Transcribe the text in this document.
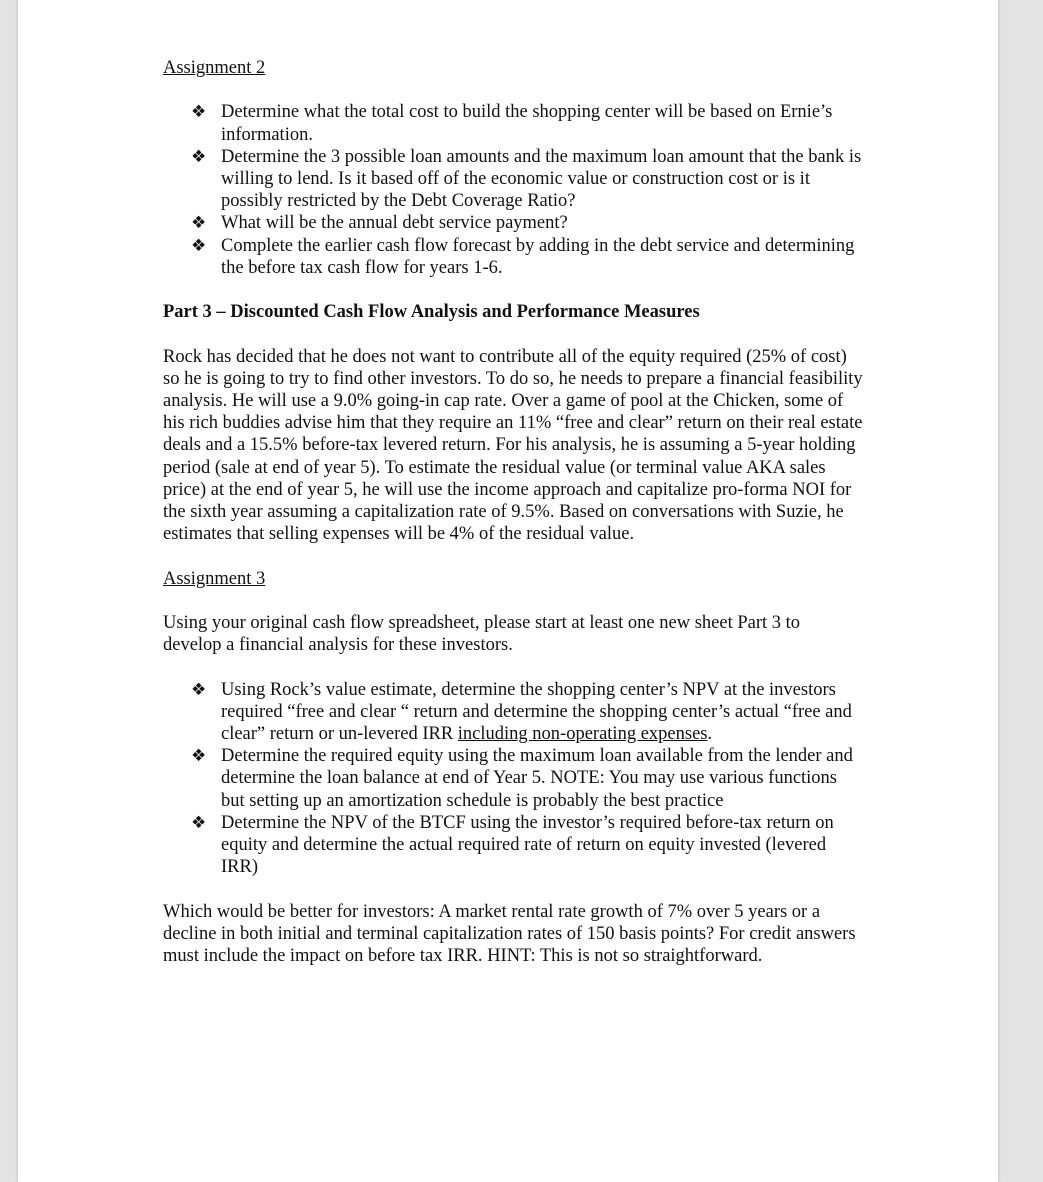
Assignment 2

❖ Determine what the total cost to build the shopping center will be based on Ernie’s information.
❖ Determine the 3 possible loan amounts and the maximum loan amount that the bank is willing to lend. Is it based off of the economic value or construction cost or is it possibly restricted by the Debt Coverage Ratio?
❖ What will be the annual debt service payment?
❖ Complete the earlier cash flow forecast by adding in the debt service and determining the before tax cash flow for years 1-6.

Part 3 – Discounted Cash Flow Analysis and Performance Measures

Rock has decided that he does not want to contribute all of the equity required (25% of cost) so he is going to try to find other investors. To do so, he needs to prepare a financial feasibility analysis. He will use a 9.0% going-in cap rate. Over a game of pool at the Chicken, some of his rich buddies advise him that they require an 11% “free and clear” return on their real estate deals and a 15.5% before-tax levered return. For his analysis, he is assuming a 5-year holding period (sale at end of year 5). To estimate the residual value (or terminal value AKA sales price) at the end of year 5, he will use the income approach and capitalize pro-forma NOI for the sixth year assuming a capitalization rate of 9.5%. Based on conversations with Suzie, he estimates that selling expenses will be 4% of the residual value.

Assignment 3

Using your original cash flow spreadsheet, please start at least one new sheet Part 3 to develop a financial analysis for these investors.

❖ Using Rock’s value estimate, determine the shopping center’s NPV at the investors required “free and clear “ return and determine the shopping center’s actual “free and clear” return or un-levered IRR including non-operating expenses.
❖ Determine the required equity using the maximum loan available from the lender and determine the loan balance at end of Year 5. NOTE: You may use various functions but setting up an amortization schedule is probably the best practice
❖ Determine the NPV of the BTCF using the investor’s required before-tax return on equity and determine the actual required rate of return on equity invested (levered IRR)

Which would be better for investors: A market rental rate growth of 7% over 5 years or a decline in both initial and terminal capitalization rates of 150 basis points? For credit answers must include the impact on before tax IRR. HINT: This is not so straightforward.
